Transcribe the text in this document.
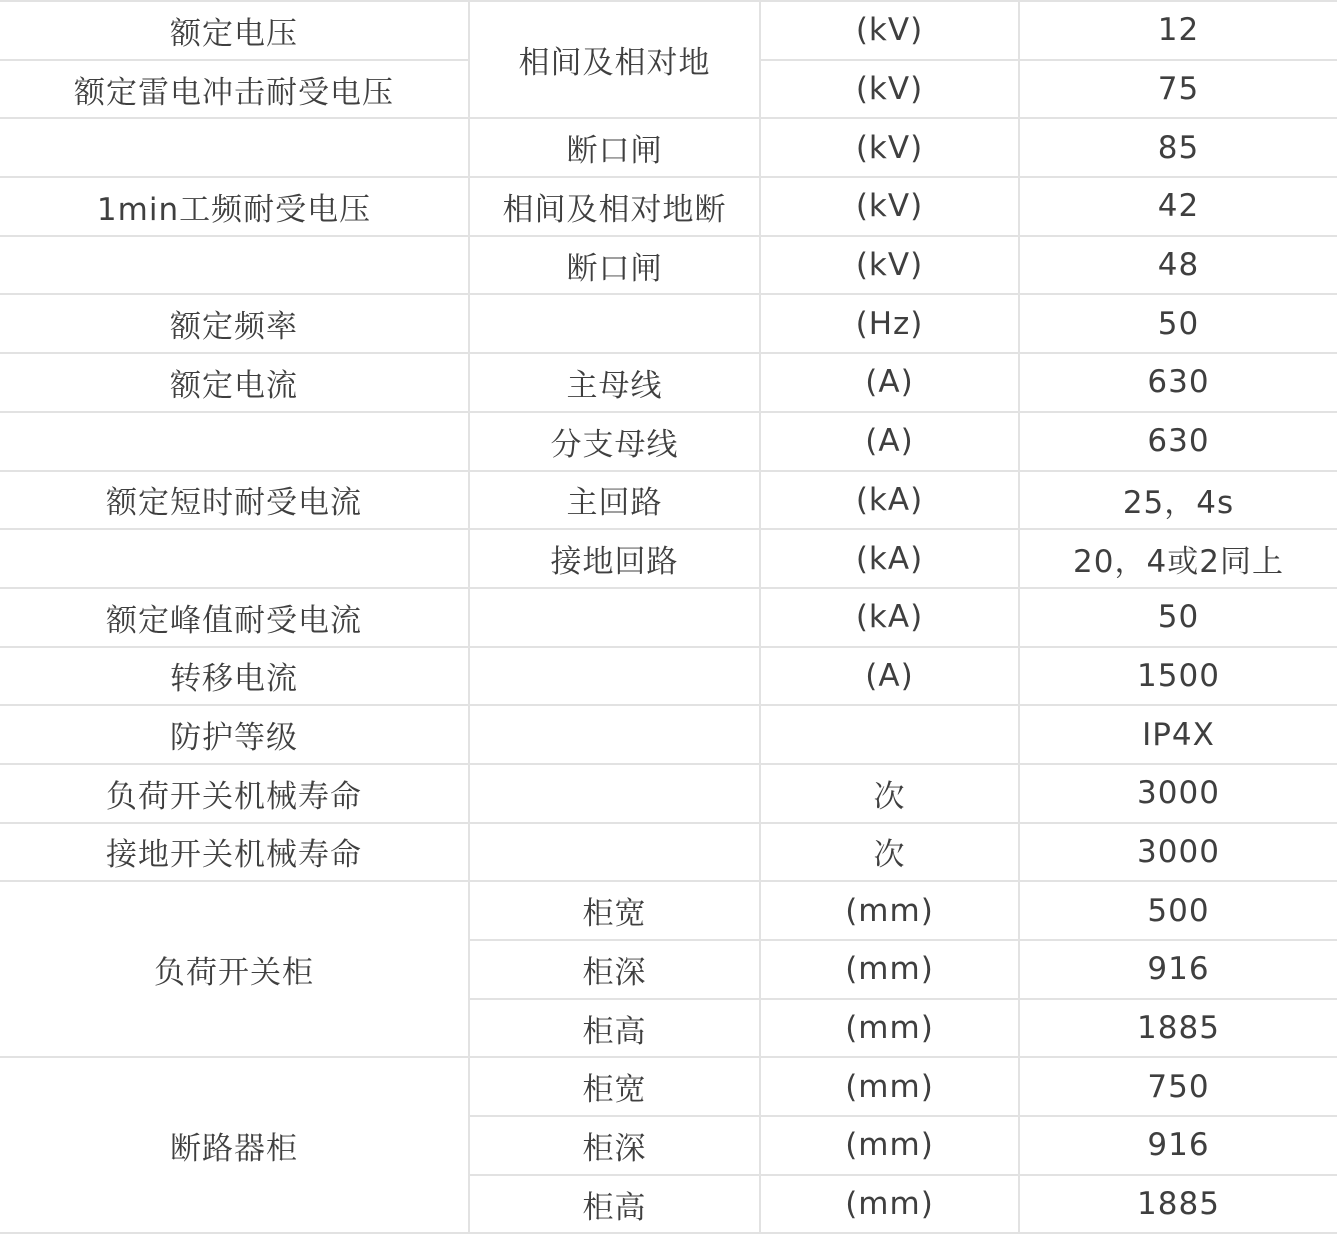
额定电压	相间及相对地	(kV)	12
额定雷电冲击耐受电压		(kV)	75
	断口闸	(kV)	85
1min工频耐受电压	相间及相对地断	(kV)	42
	断口闸	(kV)	48
额定频率		(Hz)	50
额定电流	主母线	(A)	630
	分支母线	(A)	630
额定短时耐受电流	主回路	(kA)	25，4s
	接地回路	(kA)	20，4或2同上
额定峰值耐受电流		(kA)	50
转移电流		(A)	1500
防护等级			IP4X
负荷开关机械寿命		次	3000
接地开关机械寿命		次	3000
负荷开关柜	柜宽	(mm)	500
	柜深	(mm)	916
	柜高	(mm)	1885
断路器柜	柜宽	(mm)	750
	柜深	(mm)	916
	柜高	(mm)	1885
